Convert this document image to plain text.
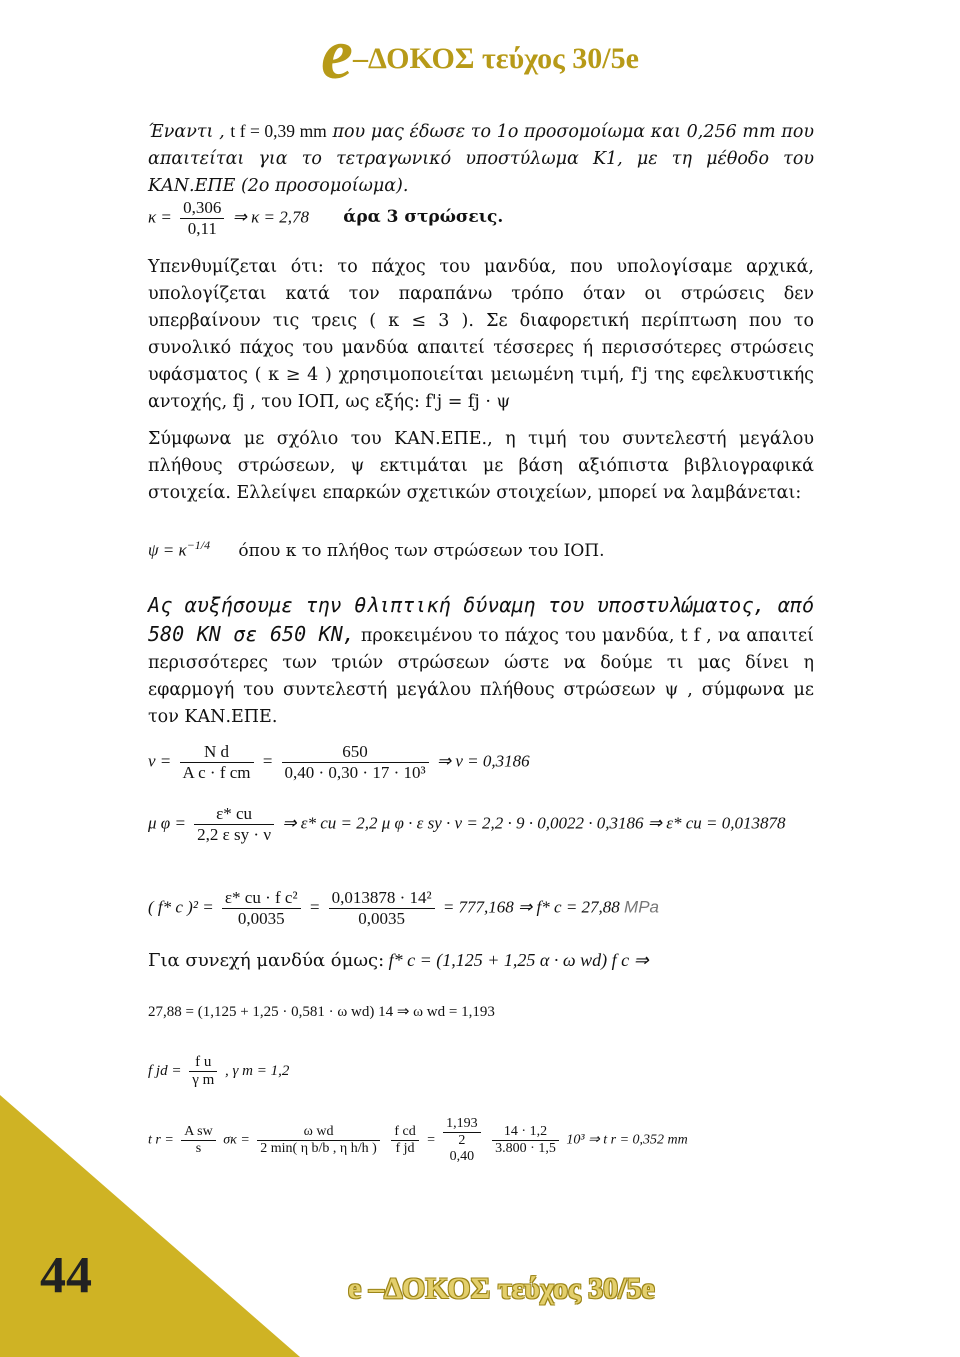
e–ΔΟΚΟΣ τεύχος 30/5e
Έναντι , t f = 0,39 mm που μας έδωσε το 1ο προσομοίωμα και 0,256 mm που απαιτείται για το τετραγωνικό υποστύλωμα Κ1, με τη μέθοδο του ΚΑΝ.ΕΠΕ (2ο προσομοίωμα).
$\kappa = \frac{0,306}{0,11}$ ⇒ κ = 2,78 άρα 3 στρώσεις.
Υπενθυμίζεται ότι: το πάχος του μανδύα, που υπολογίσαμε αρχικά, υπολογίζεται κατά τον παραπάνω τρόπο όταν οι στρώσεις δεν υπερβαίνουν τις τρεις ( κ ≤ 3 ). Σε διαφορετική περίπτωση που το συνολικό πάχος του μανδύα απαιτεί τέσσερες ή περισσότερες στρώσεις υφάσματος ( κ ≥ 4 ) χρησιμοποιείται μειωμένη τιμή, f'j της εφελκυστικής αντοχής, fj , του ΙΟΠ, ως εξής: f'j = fj · ψ
Σύμφωνα με σχόλιο του ΚΑΝ.ΕΠΕ., η τιμή του συντελεστή μεγάλου πλήθους στρώσεων, ψ εκτιμάται με βάση αξιόπιστα βιβλιογραφικά στοιχεία. Ελλείψει επαρκών σχετικών στοιχείων, μπορεί να λαμβάνεται:
$\psi = \kappa^{-1/4}$ όπου κ το πλήθος των στρώσεων του ΙΟΠ.
Ας αυξήσουμε την θλιπτική δύναμη του υποστυλώματος, από 580 KN σε 650 KN, προκειμένου το πάχος του μανδύα, t f , να απαιτεί περισσότερες των τριών στρώσεων ώστε να δούμε τι μας δίνει η εφαρμογή του συντελεστή μεγάλου πλήθους στρώσεων ψ , σύμφωνα με τον ΚΑΝ.ΕΠΕ.
$\nu = \frac{\text{N d}}{\text{A c · f cm}} = \frac{650}{\text{0,40 · 0,30 · 17 · 10³}}$ ⇒ ν = 0,3186
μ $\varphi = \frac{\varepsilon* cu}{\text{2,2 ε sy · ν}}$ ⇒ ε* cu = 2,2 μ φ · ε sy · ν = 2,2 · 9 · 0,0022 · 0,3186 ⇒ ε* cu = 0,013878
( f* c )$^2 = \frac{\text{ε* cu · f c²}}{0,0035} = \frac{\text{0,013878 · 14²}}{0,0035} = 777,168$ ⇒ f* c = 27,88 MPa
Για συνεχή μανδύα όμως: f* c = (1,125 + 1,25 α · ω wd) f c ⇒
27,88 = (1,125 + 1,25 · 0,581 · ω wd) 14 ⇒ ω wd = 1,193
f jd = $\frac{\text{f u}}{\text{γ m}}$ , γ m = 1,2
t $r = \frac{\text{A sw}}{s}$ $\sigma\kappa = \frac{\text{ω wd}}{\text{2 min( η b/b , η h/h )}}$
$\frac{\text{f cd}}{\text{f jd}}$ =
1,193
2
0,40
	$\frac{14 \cdot 1,2}{3.800 \cdot 1,5} 10^3$ ⇒ t r = 0,352 mm
44	e –ΔΟΚΟΣ τεύχος 30/5e
